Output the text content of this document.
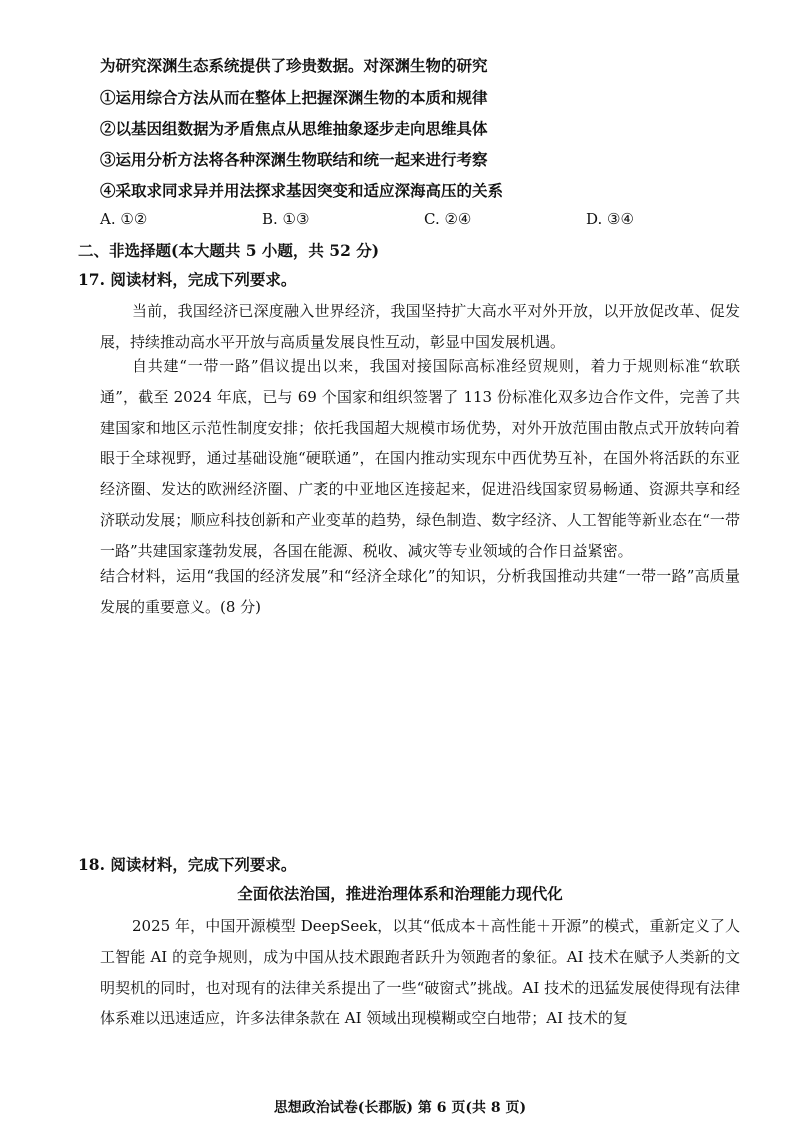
为研究深渊生态系统提供了珍贵数据。对深渊生物的研究
①运用综合方法从而在整体上把握深渊生物的本质和规律
②以基因组数据为矛盾焦点从思维抽象逐步走向思维具体
③运用分析方法将各种深渊生物联结和统一起来进行考察
④采取求同求异并用法探求基因突变和适应深海高压的关系
A. ①②	B. ①③	C. ②④	D. ③④
二、非选择题(本大题共 5 小题，共 52 分)
17. 阅读材料，完成下列要求。
当前，我国经济已深度融入世界经济，我国坚持扩大高水平对外开放，以开放促改革、促发展，持续推动高水平开放与高质量发展良性互动，彰显中国发展机遇。
自共建“一带一路”倡议提出以来，我国对接国际高标准经贸规则，着力于规则标准“软联通”，截至 2024 年底，已与 69 个国家和组织签署了 113 份标准化双多边合作文件，完善了共建国家和地区示范性制度安排；依托我国超大规模市场优势，对外开放范围由散点式开放转向着眼于全球视野，通过基础设施“硬联通”，在国内推动实现东中西优势互补，在国外将活跃的东亚经济圈、发达的欧洲经济圈、广袤的中亚地区连接起来，促进沿线国家贸易畅通、资源共享和经济联动发展；顺应科技创新和产业变革的趋势，绿色制造、数字经济、人工智能等新业态在“一带一路”共建国家蓬勃发展，各国在能源、税收、减灾等专业领域的合作日益紧密。
结合材料，运用“我国的经济发展”和“经济全球化”的知识，分析我国推动共建“一带一路”高质量发展的重要意义。(8 分)
18. 阅读材料，完成下列要求。
全面依法治国，推进治理体系和治理能力现代化
2025 年，中国开源模型 DeepSeek，以其“低成本＋高性能＋开源”的模式，重新定义了人工智能 AI 的竞争规则，成为中国从技术跟跑者跃升为领跑者的象征。AI 技术在赋予人类新的文明契机的同时，也对现有的法律关系提出了一些“破窗式”挑战。AI 技术的迅猛发展使得现有法律体系难以迅速适应，许多法律条款在 AI 领域出现模糊或空白地带；AI 技术的复
思想政治试卷(长郡版) 第 6 页(共 8 页)
